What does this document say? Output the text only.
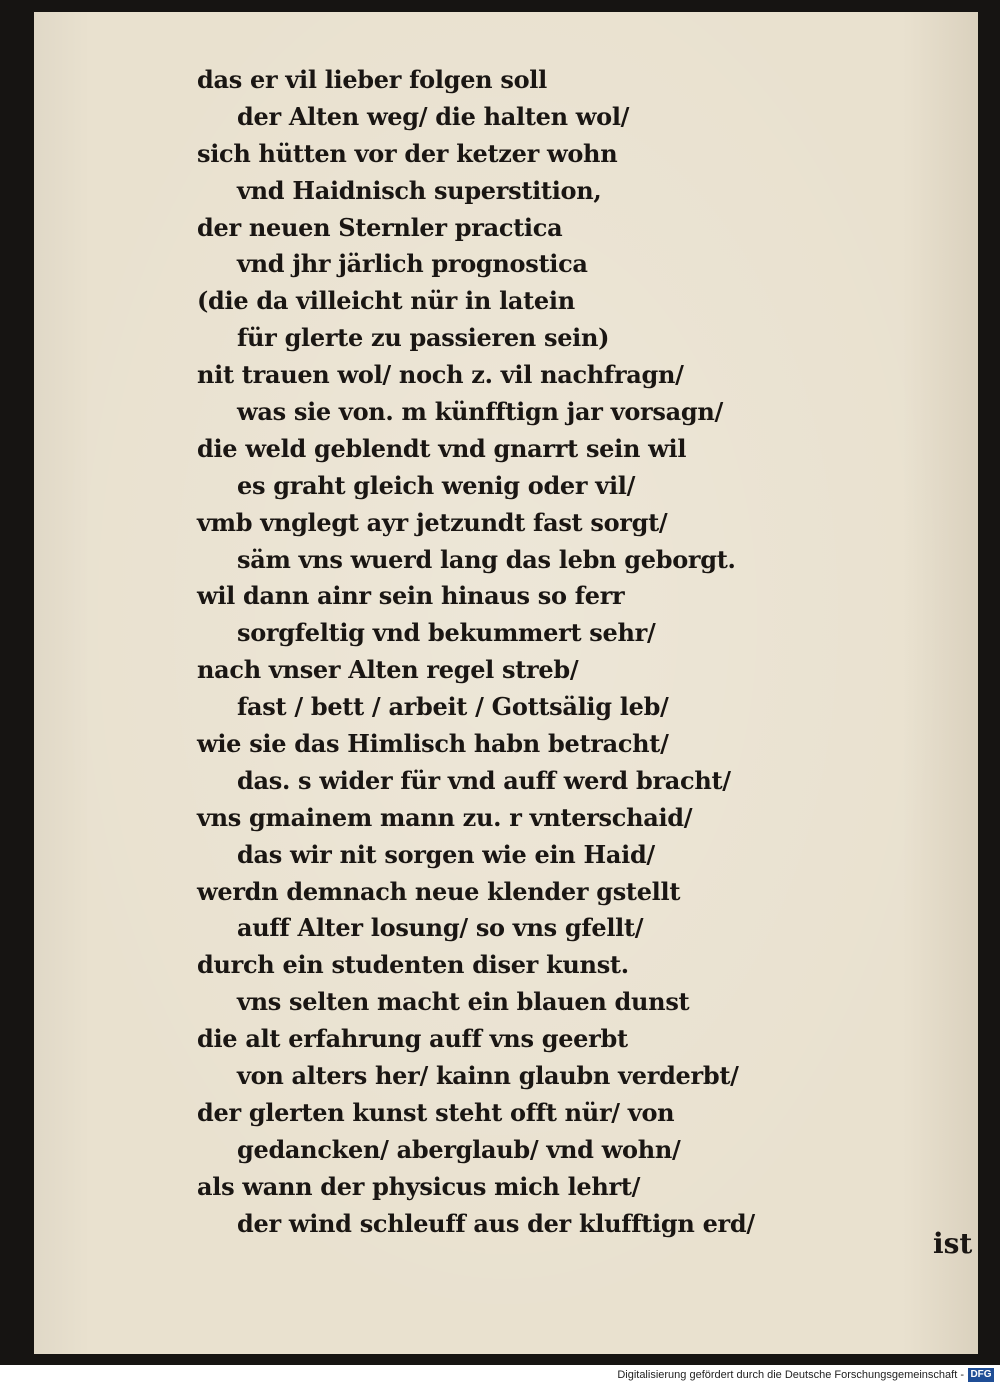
das er vil lieber folgen soll
der Alten weg/ die halten wol/
sich hütten vor der ketzer wohn
vnd Haidnisch superstition,
der neuen Sternler practica
vnd jhr järlich prognostica
(die da villeicht nür in latein
für glerte zu passieren sein)
nit trauen wol/ noch z. vil nachfragn/
was sie von. m künfftign jar vorsagn/
die weld geblendt vnd gnarrt sein wil
es graht gleich wenig oder vil/
vmb vnglegt ayr jetzundt fast sorgt/
säm vns wuerd lang das lebn geborgt.
wil dann ainr sein hinaus so ferr
sorgfeltig vnd bekummert sehr/
nach vnser Alten regel streb/
fast / bett / arbeit / Gottsälig leb/
wie sie das Himlisch habn betracht/
das. s wider für vnd auff werd bracht/
vns gmainem mann zu. r vnterschaid/
das wir nit sorgen wie ein Haid/
werdn demnach neue klender gstellt
auff Alter losung/ so vns gfellt/
durch ein studenten diser kunst.
vns selten macht ein blauen dunst
die alt erfahrung auff vns geerbt
von alters her/ kainn glaubn verderbt/
der glerten kunst steht offt nür/ von
gedancken/ aberglaub/ vnd wohn/
als wann der physicus mich lehrt/
der wind schleuff aus der klufftign erd/
ist
Digitalisierung gefördert durch die Deutsche Forschungsgemeinschaft - DFG
